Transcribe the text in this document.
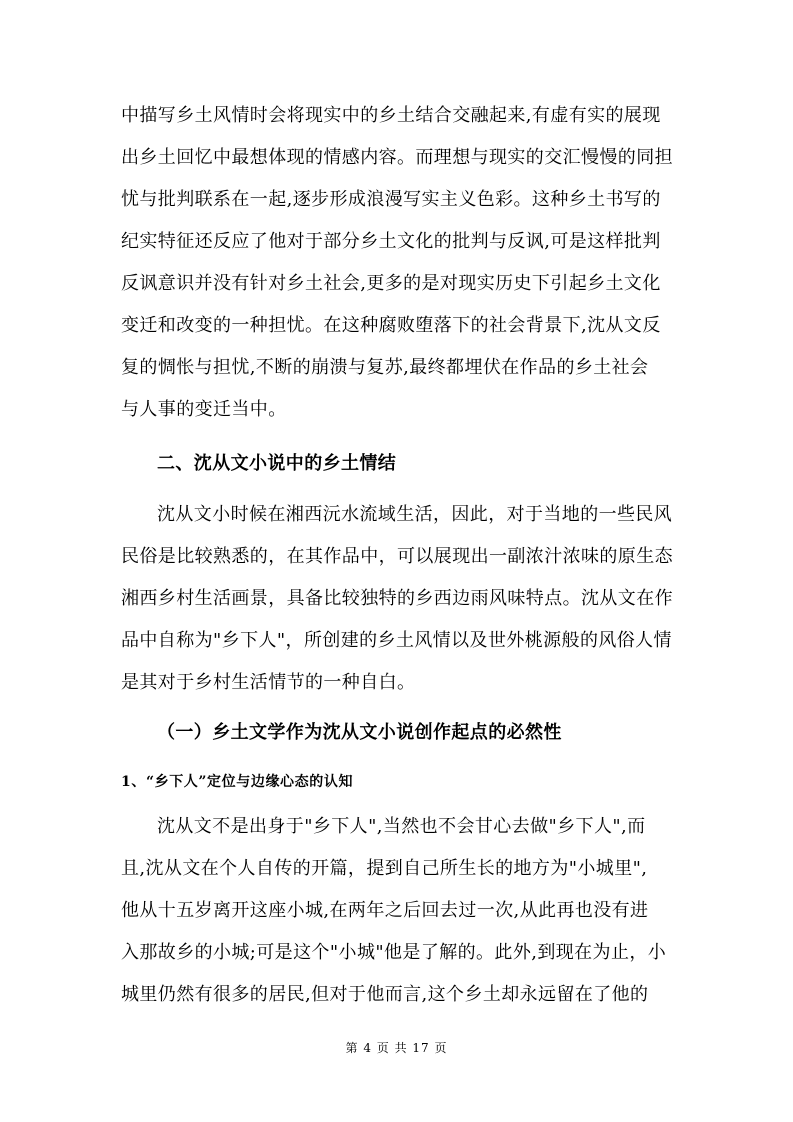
中描写乡土风情时会将现实中的乡土结合交融起来,有虚有实的展现
出乡土回忆中最想体现的情感内容。而理想与现实的交汇慢慢的同担
忧与批判联系在一起,逐步形成浪漫写实主义色彩。这种乡土书写的
纪实特征还反应了他对于部分乡土文化的批判与反讽,可是这样批判
反讽意识并没有针对乡土社会,更多的是对现实历史下引起乡土文化
变迁和改变的一种担忧。在这种腐败堕落下的社会背景下,沈从文反
复的惆怅与担忧,不断的崩溃与复苏,最终都埋伏在作品的乡土社会
与人事的变迁当中。
二、沈从文小说中的乡土情结
沈从文小时候在湘西沅水流域生活，因此，对于当地的一些民风
民俗是比较熟悉的，在其作品中，可以展现出一副浓汁浓味的原生态
湘西乡村生活画景，具备比较独特的乡西边雨风味特点。沈从文在作
品中自称为"乡下人"，所创建的乡土风情以及世外桃源般的风俗人情
是其对于乡村生活情节的一种自白。
（一）乡土文学作为沈从文小说创作起点的必然性
1、“乡下人”定位与边缘心态的认知
沈从文不是出身于"乡下人",当然也不会甘心去做"乡下人",而
且,沈从文在个人自传的开篇，提到自己所生长的地方为"小城里",
他从十五岁离开这座小城,在两年之后回去过一次,从此再也没有进
入那故乡的小城;可是这个"小城"他是了解的。此外,到现在为止，小
城里仍然有很多的居民,但对于他而言,这个乡土却永远留在了他的
第 4 页 共 17 页
